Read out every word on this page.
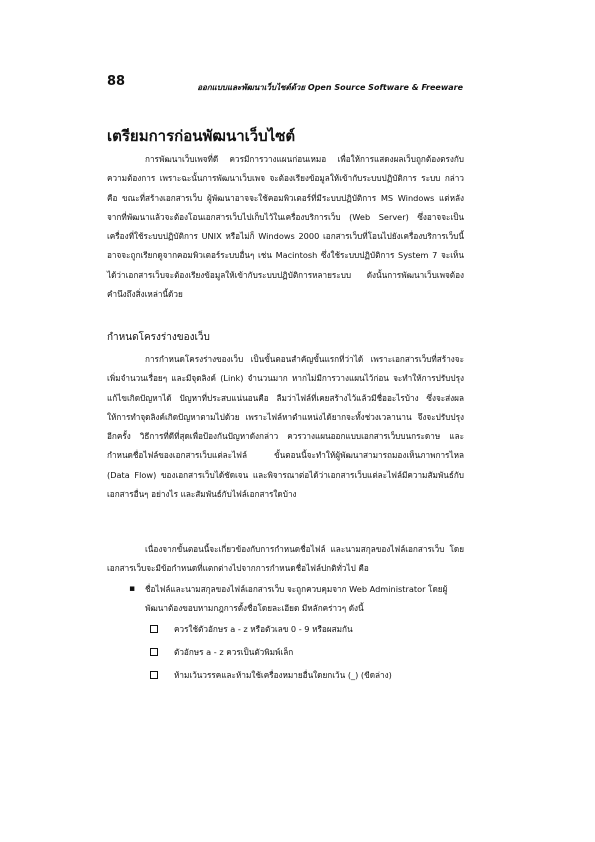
88	ออกแบบและพัฒนาเว็บไซต์ด้วย Open Source Software & Freeware
เตรียมการก่อนพัฒนาเว็บไซต์
การพัฒนาเว็บเพจที่ดี ควรมีการวางแผนก่อนเหมอ เพื่อให้การแสดงผลเว็บถูกต้องตรงกับความต้องการ เพราะฉะนั้นการพัฒนาเว็บเพจ จะต้องเรียงข้อมูลให้เข้ากับระบบปฏิบัติการ ระบบ กล่าวคือ ขณะที่สร้างเอกสารเว็บ ผู้พัฒนาอาจจะใช้คอมพิวเตอร์ที่มีระบบปฏิบัติการ MS Windows แต่หลังจากที่พัฒนาแล้วจะต้องโอนเอกสารเว็บไปเก็บไว้ในเครื่องบริการเว็บ (Web Server) ซึ่งอาจจะเป็นเครื่องที่ใช้ระบบปฏิบัติการ UNIX หรือไม่ก็ Windows 2000 เอกสารเว็บที่โอนไปยังเครื่องบริการเว็บนี้ อาจจะถูกเรียกดูจากคอมพิวเตอร์ระบบอื่นๆ เช่น Macintosh ซึ่งใช้ระบบปฏิบัติการ System 7 จะเห็นได้ว่าเอกสารเว็บจะต้องเรียงข้อมูลให้เข้ากับระบบปฏิบัติการหลายระบบ ดังนั้นการพัฒนาเว็บเพจต้องคำนึงถึงสิ่งเหล่านี้ด้วย
กำหนดโครงร่างของเว็บ
การกำหนดโครงร่างของเว็บ เป็นขั้นตอนสำคัญขั้นแรกที่ว่าได้ เพราะเอกสารเว็บที่สร้างจะเพิ่มจำนวนเรื่อยๆ และมีจุดลิงค์ (Link) จำนวนมาก หากไม่มีการวางแผนไว้ก่อน จะทำให้การปรับปรุง แก้ไขเกิดปัญหาได้ ปัญหาที่ประสบแน่นอนคือ ลืมว่าไฟล์ที่เคยสร้างไว้แล้วมีชื่ออะไรบ้าง ซึ่งจะส่งผลให้การทำจุดลิงค์เกิดปัญหาตามไปด้วย เพราะไฟล์หาตำแหน่งได้ยากจะทั้งช่วงเวลานาน จึงจะปรับปรุงอีกครั้ง วิธีการที่ดีที่สุดเพื่อป้องกันปัญหาดังกล่าว ควรวางแผนออกแบบเอกสารเว็บบนกระดาษ และกำหนดชื่อไฟล์ของเอกสารเว็บแต่ละไฟล์ ขั้นตอนนี้จะทำให้ผู้พัฒนาสามารถมองเห็นภาพการไหล (Data Flow) ของเอกสารเว็บได้ชัดเจน และพิจารณาต่อได้ว่าเอกสารเว็บแต่ละไฟล์มีความสัมพันธ์กับเอกสารอื่นๆ อย่างไร และสัมพันธ์กับไฟล์เอกสารใดบ้าง
เนื่องจากขั้นตอนนี้จะเกี่ยวข้องกับการกำหนดชื่อไฟล์ และนามสกุลของไฟล์เอกสารเว็บ โดยเอกสารเว็บจะมีข้อกำหนดที่แตกต่างไปจากการกำหนดชื่อไฟล์ปกติทั่วไป คือ
▪ ชื่อไฟล์และนามสกุลของไฟล์เอกสารเว็บ จะถูกควบคุมจาก Web Administrator โดยผู้พัฒนาต้องขอบหามกฎการตั้งชื่อโดยละเอียด มีหลักคร่าวๆ ดังนี้
ควรใช้ตัวอักษร a - z หรือตัวเลข 0 - 9 หรือผสมกัน
ตัวอักษร a - z ควรเป็นตัวพิมพ์เล็ก
ห้ามเว้นวรรคและห้ามใช้เครื่องหมายอื่นใดยกเว้น (_) (ขีดล่าง)
